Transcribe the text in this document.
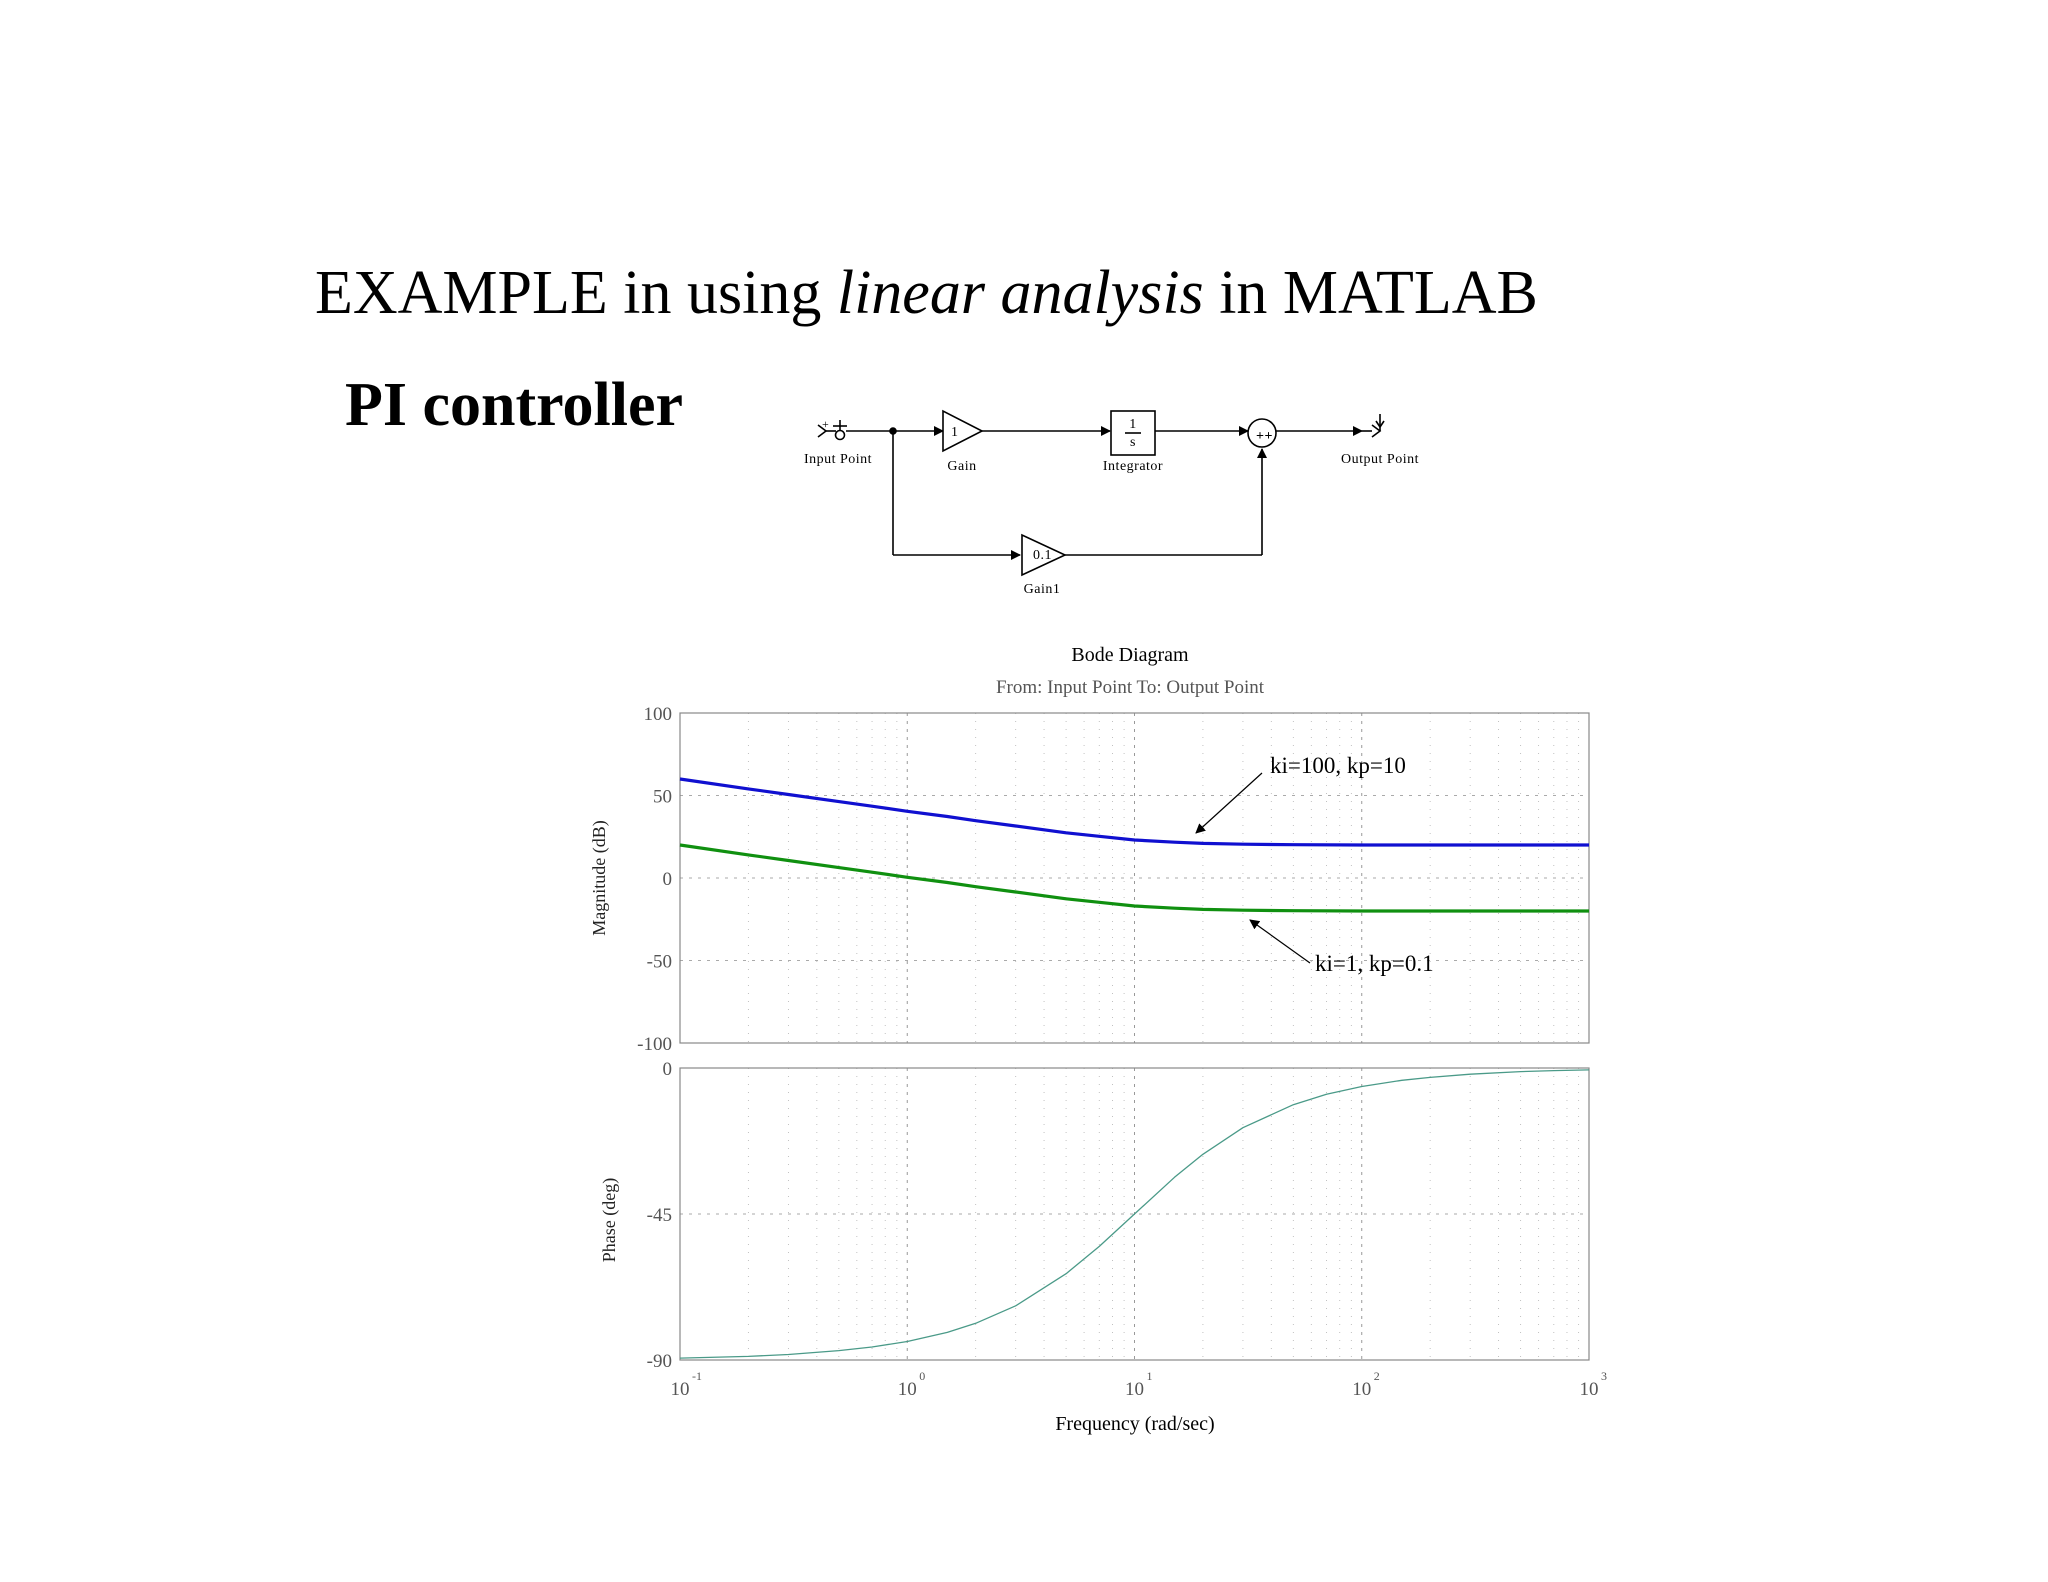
EXAMPLE in using linear analysis in MATLAB
PI controller	+
Input Point	Gain
1
1
s
Integrator
++
Output Point
0.1
Gain1
Bode Diagram
From: Input Point To: Output Point
100
50
0
-50
-100
Magnitude (dB)
ki=100, kp=10
ki=1, kp=0.1
0
-45
-90
Phase (deg)
10
-1
10
0
10
1
10
2
10
3
Frequency (rad/sec)
